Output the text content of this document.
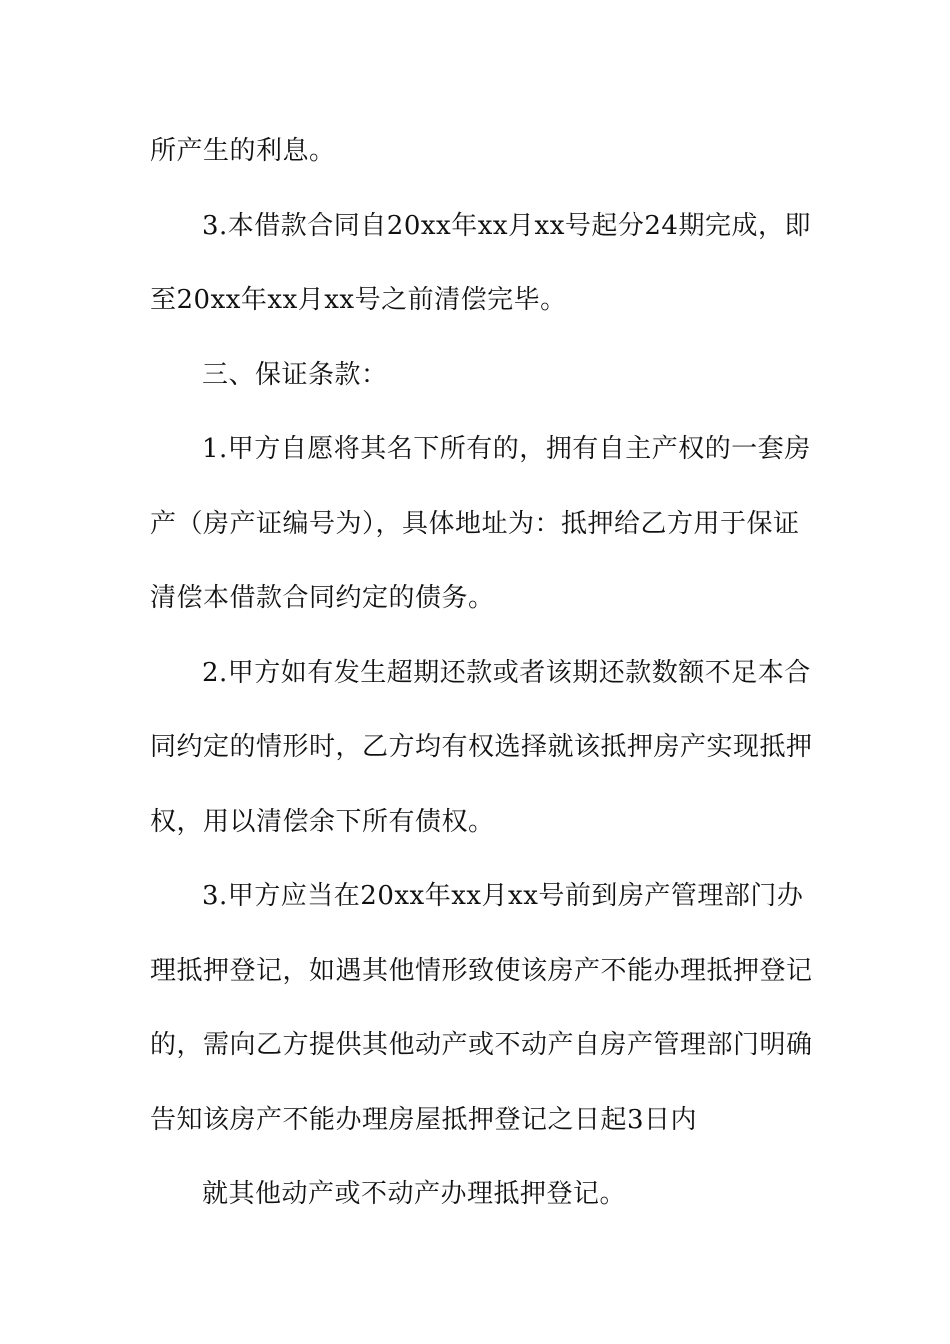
所产生的利息。
3.本借款合同自20xx年xx月xx号起分24期完成，即
至20xx年xx月xx号之前清偿完毕。
三、保证条款：
1.甲方自愿将其名下所有的，拥有自主产权的一套房
产（房产证编号为），具体地址为：抵押给乙方用于保证
清偿本借款合同约定的债务。
2.甲方如有发生超期还款或者该期还款数额不足本合
同约定的情形时，乙方均有权选择就该抵押房产实现抵押
权，用以清偿余下所有债权。
3.甲方应当在20xx年xx月xx号前到房产管理部门办
理抵押登记，如遇其他情形致使该房产不能办理抵押登记
的，需向乙方提供其他动产或不动产自房产管理部门明确
告知该房产不能办理房屋抵押登记之日起3日内
就其他动产或不动产办理抵押登记。
